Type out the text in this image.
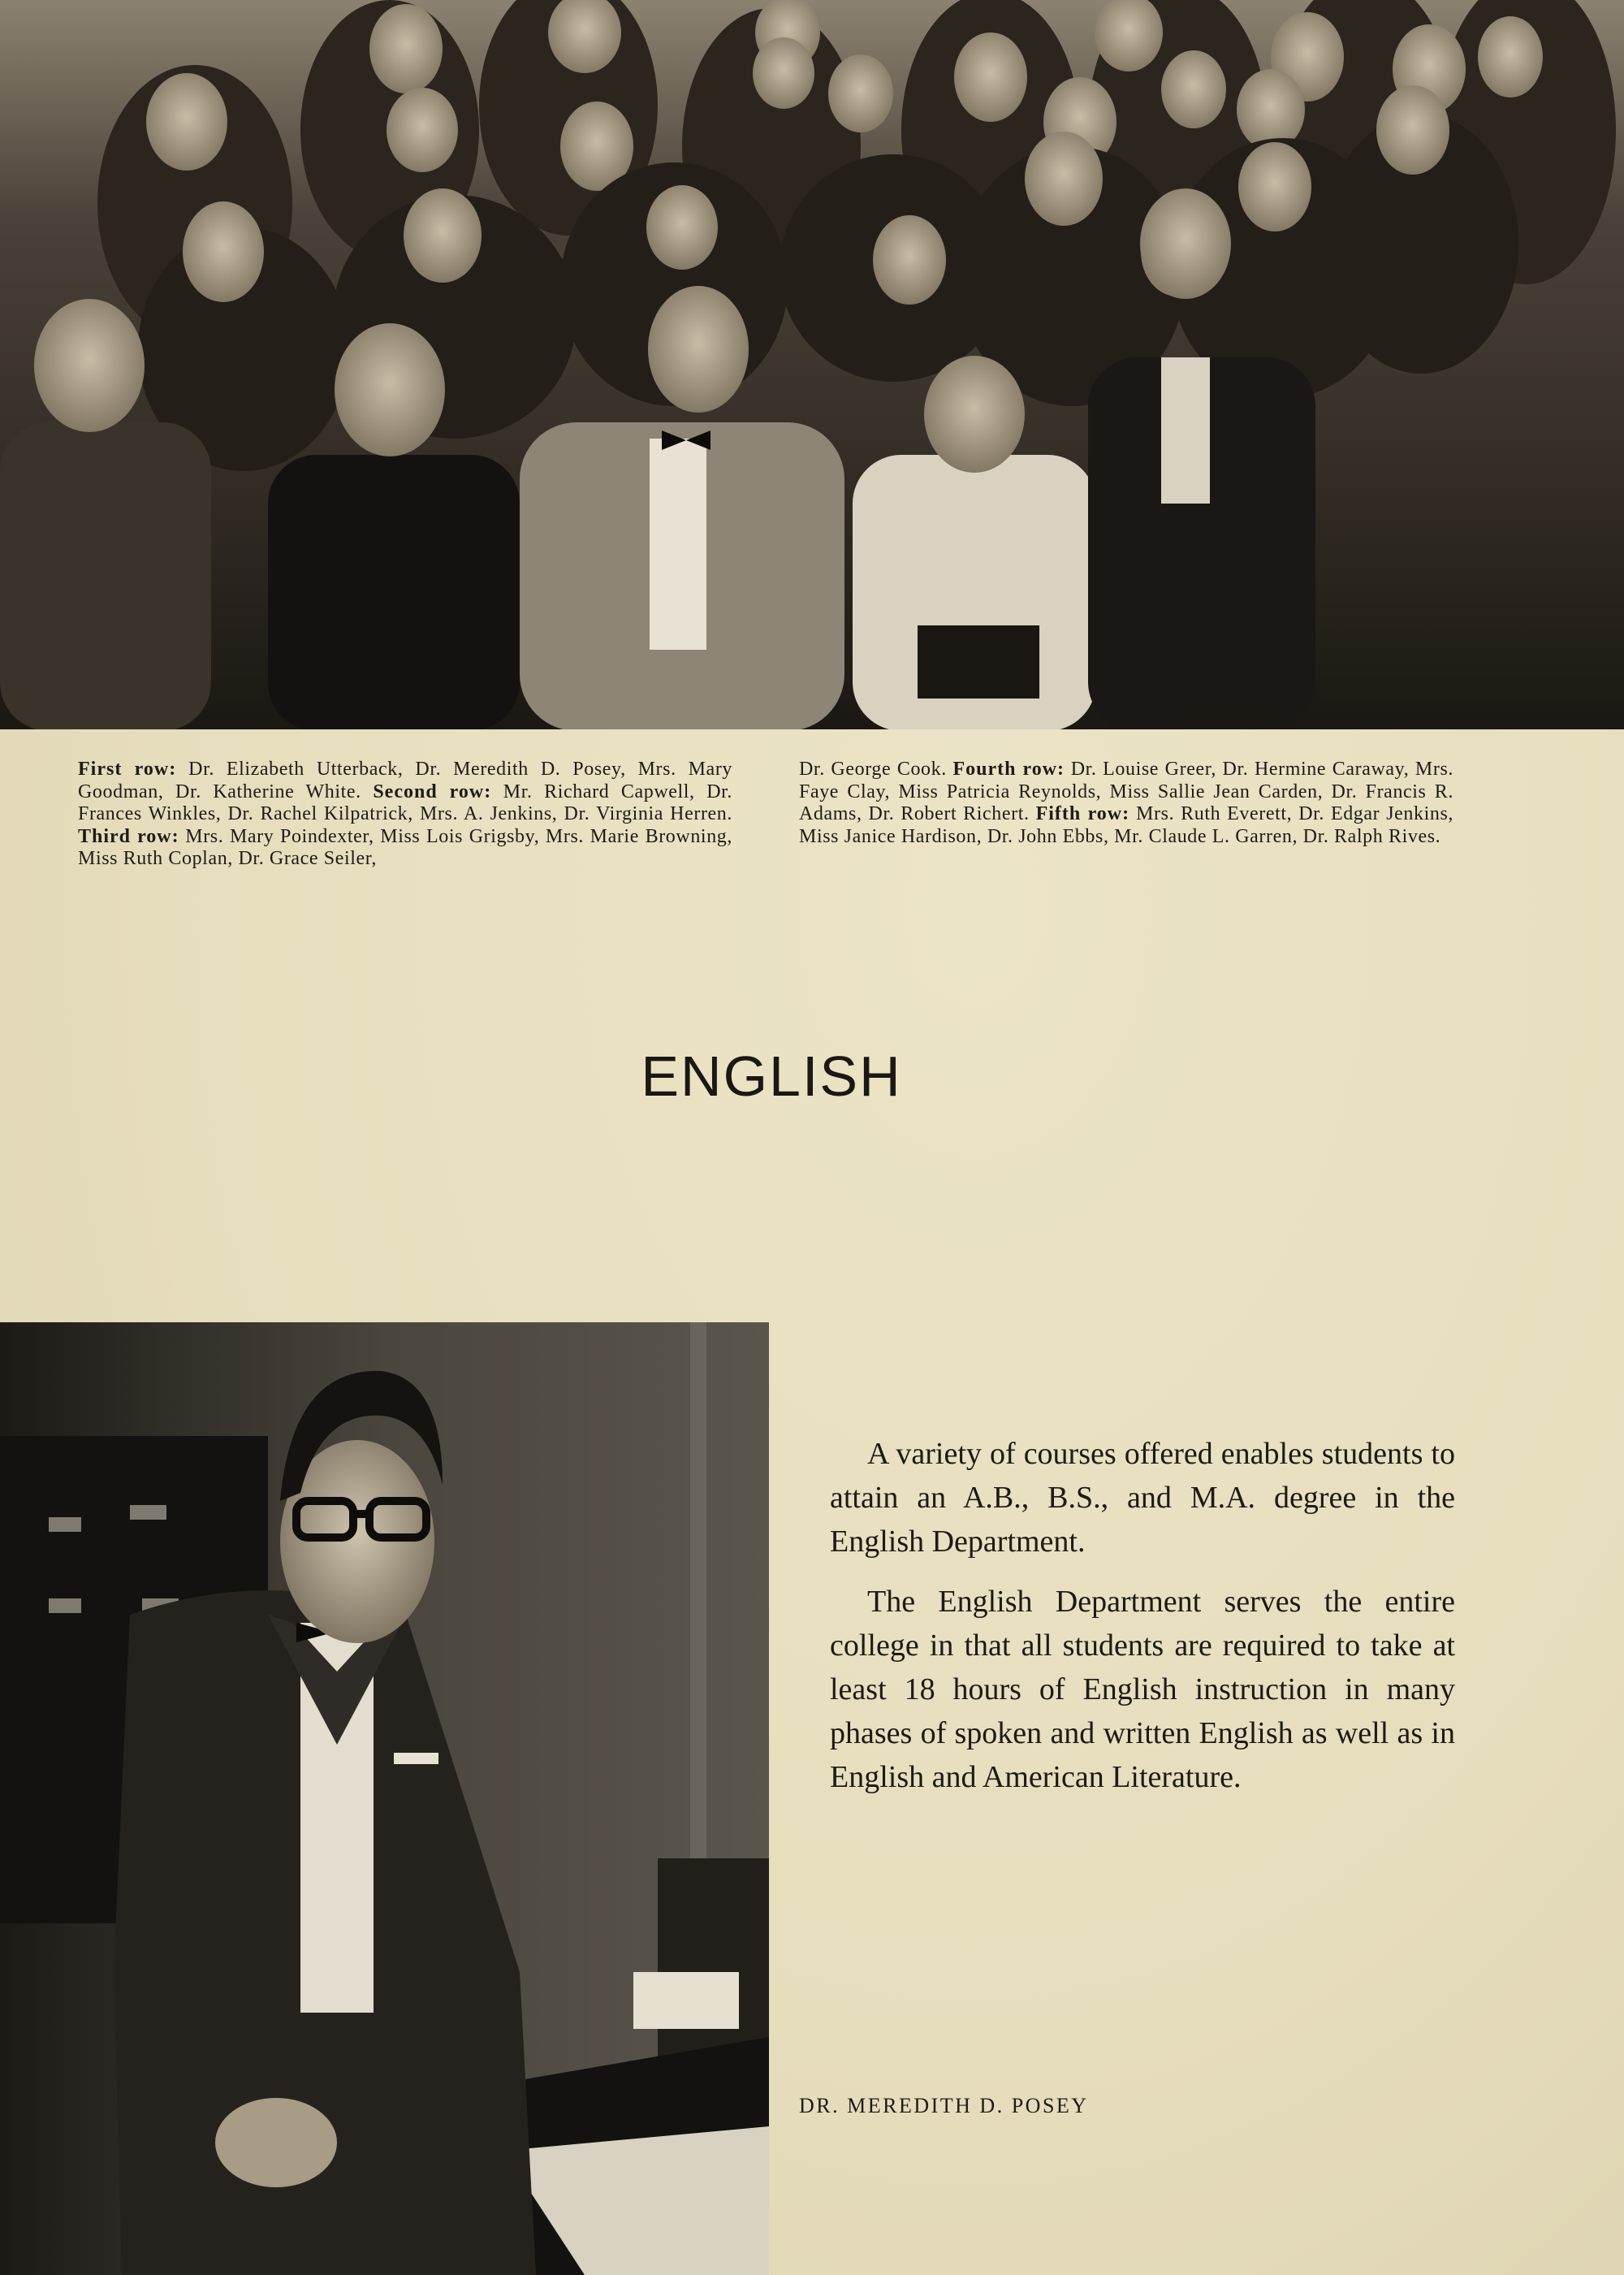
First row: Dr. Elizabeth Utterback, Dr. Meredith D. Posey, Mrs. Mary Goodman, Dr. Katherine White. Second row: Mr. Richard Capwell, Dr. Frances Winkles, Dr. Rachel Kilpatrick, Mrs. A. Jenkins, Dr. Virginia Herren. Third row: Mrs. Mary Poindexter, Miss Lois Grigsby, Mrs. Marie Browning, Miss Ruth Coplan, Dr. Grace Seiler,
Dr. George Cook. Fourth row: Dr. Louise Greer, Dr. Hermine Caraway, Mrs. Faye Clay, Miss Patricia Reynolds, Miss Sallie Jean Carden, Dr. Francis R. Adams, Dr. Robert Richert. Fifth row: Mrs. Ruth Everett, Dr. Edgar Jenkins, Miss Janice Hardison, Dr. John Ebbs, Mr. Claude L. Garren, Dr. Ralph Rives.
ENGLISH

A variety of courses offered enables students to attain an A.B., B.S., and M.A. degree in the English Department.

The English Department serves the entire college in that all students are required to take at least 18 hours of English instruction in many phases of spoken and written English as well as in English and American Literature.

DR. MEREDITH D. POSEY
